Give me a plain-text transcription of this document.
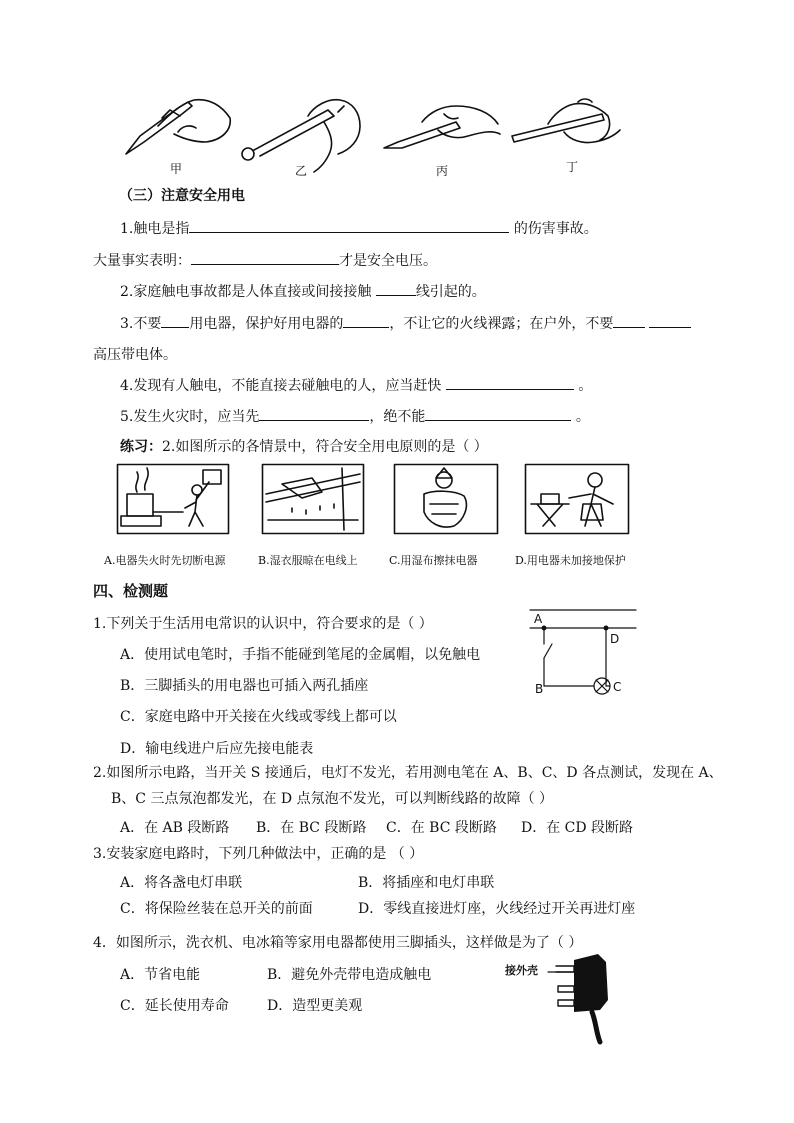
甲	乙	丙	丁
（三）注意安全用电
1.触电是指	的伤害事故。
大量事实表明：	才是安全电压。
2.家庭触电事故都是人体直接或间接接触	线引起的。
3.不要 用电器，保护好用电器的	，不让它的火线裸露；在户外，不要
高压带电体。
4.发现有人触电，不能直接去碰触电的人，应当赶快	。
5.发生火灾时，应当先	，绝不能	。
练习：2.如图所示的各情景中，符合安全用电原则的是（ ）
A.电器失火时先切断电源	B.湿衣服晾在电线上	C.用湿布擦抹电器	D.用电器未加接地保护
四、检测题
1.下列关于生活用电常识的认识中，符合要求的是（ ）
A．使用试电笔时，手指不能碰到笔尾的金属帽，以免触电
B．三脚插头的用电器也可插入两孔插座
C．家庭电路中开关接在火线或零线上都可以
D．输电线进户后应先接电能表
A
B	C
D
2.如图所示电路，当开关 S 接通后，电灯不发光，若用测电笔在 A、B、C、D 各点测试，发现在 A、
B、C 三点氖泡都发光，在 D 点氖泡不发光，可以判断线路的故障（ ）
A．在 AB 段断路 B．在 BC 段断路 C．在 BC 段断路 D．在 CD 段断路
3.安装家庭电路时，下列几种做法中，正确的是 （ ）
A．将各盏电灯串联	B．将插座和电灯串联
C．将保险丝装在总开关的前面	D．零线直接进灯座，火线经过开关再进灯座
4．如图所示，洗衣机、电冰箱等家用电器都使用三脚插头，这样做是为了（ ）
A．节省电能	B．避免外壳带电造成触电
C．延长使用寿命	D．造型更美观
接外壳
